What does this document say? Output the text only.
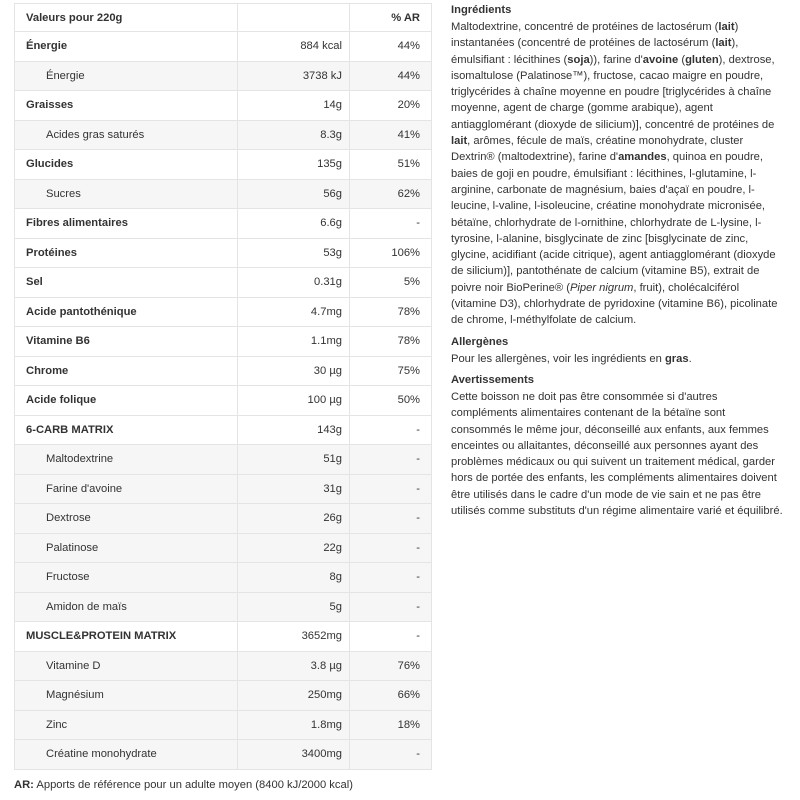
Valeurs pour 220g		% AR
Énergie	884 kcal	44%
Énergie	3738 kJ	44%
Graisses	14g	20%
Acides gras saturés	8.3g	41%
Glucides	135g	51%
Sucres	56g	62%
Fibres alimentaires	6.6g	-
Protéines	53g	106%
Sel	0.31g	5%
Acide pantothénique	4.7mg	78%
Vitamine B6	1.1mg	78%
Chrome	30 µg	75%
Acide folique	100 µg	50%
6-CARB MATRIX	143g	-
Maltodextrine	51g	-
Farine d'avoine	31g	-
Dextrose	26g	-
Palatinose	22g	-
Fructose	8g	-
Amidon de maïs	5g	-
MUSCLE&PROTEIN MATRIX	3652mg	-
Vitamine D	3.8 µg	76%
Magnésium	250mg	66%
Zinc	1.8mg	18%
Créatine monohydrate	3400mg	-
AR: Apports de référence pour un adulte moyen (8400 kJ/2000 kcal)
Ingrédients

Maltodextrine, concentré de protéines de lactosérum (lait) instantanées (concentré de protéines de lactosérum (lait), émulsifiant : lécithines (soja)), farine d'avoine (gluten), dextrose, isomaltulose (Palatinose™), fructose, cacao maigre en poudre, triglycérides à chaîne moyenne en poudre [triglycérides à chaîne moyenne, agent de charge (gomme arabique), agent antiagglomérant (dioxyde de silicium)], concentré de protéines de lait, arômes, fécule de maïs, créatine monohydrate, cluster Dextrin® (maltodextrine), farine d'amandes, quinoa en poudre, baies de goji en poudre, émulsifiant : lécithines, l-glutamine, l-arginine, carbonate de magnésium, baies d'açaï en poudre, l-leucine, l-valine, l-isoleucine, créatine monohydrate micronisée, bétaïne, chlorhydrate de l-ornithine, chlorhydrate de L-lysine, l-tyrosine, l-alanine, bisglycinate de zinc [bisglycinate de zinc, glycine, acidifiant (acide citrique), agent antiagglomérant (dioxyde de silicium)], pantothénate de calcium (vitamine B5), extrait de poivre noir BioPerine® (Piper nigrum, fruit), cholécalciférol (vitamine D3), chlorhydrate de pyridoxine (vitamine B6), picolinate de chrome, l-méthylfolate de calcium.

Allergènes

Pour les allergènes, voir les ingrédients en gras.

Avertissements

Cette boisson ne doit pas être consommée si d'autres compléments alimentaires contenant de la bétaïne sont consommés le même jour, déconseillé aux enfants, aux femmes enceintes ou allaitantes, déconseillé aux personnes ayant des problèmes médicaux ou qui suivent un traitement médical, garder hors de portée des enfants, les compléments alimentaires doivent être utilisés dans le cadre d'un mode de vie sain et ne pas être utilisés comme substituts d'un régime alimentaire varié et équilibré.
